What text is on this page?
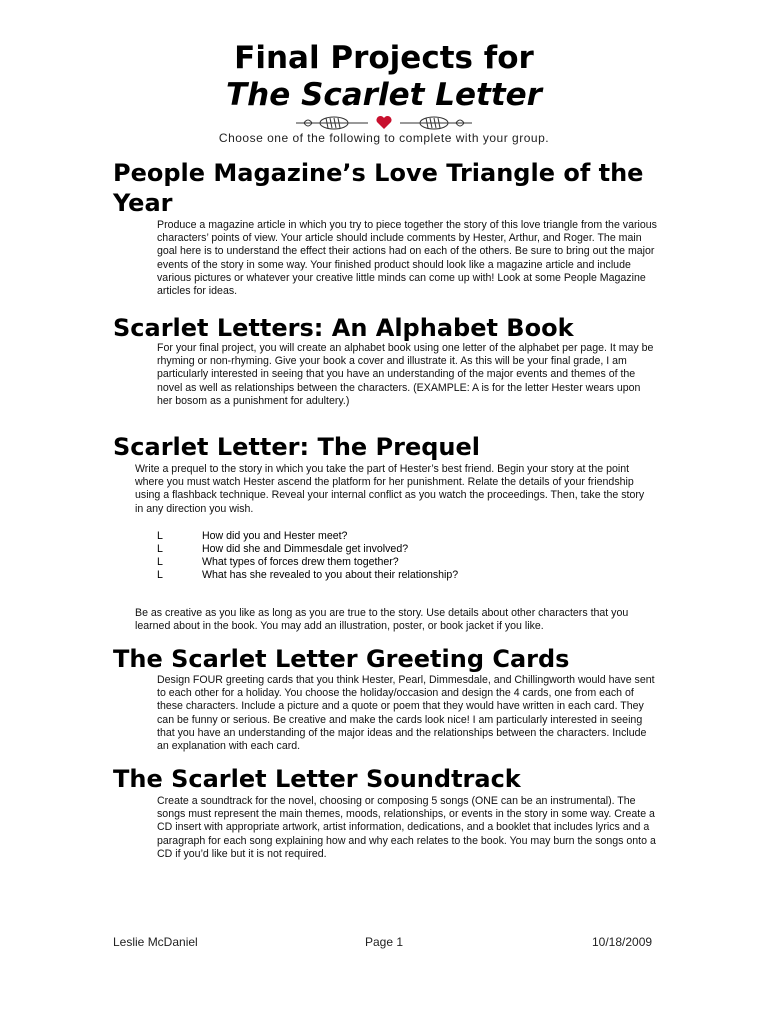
Final Projects for
The Scarlet Letter
Choose one of the following to complete with your group.
People Magazine’s Love Triangle of the Year

Produce a magazine article in which you try to piece together the story of this love triangle from the various characters’ points of view. Your article should include comments by Hester, Arthur, and Roger. The main goal here is to understand the effect their actions had on each of the others. Be sure to bring out the major events of the story in some way. Your finished product should look like a magazine article and include various pictures or whatever your creative little minds can come up with! Look at some People Magazine articles for ideas.

Scarlet Letters: An Alphabet Book

For your final project, you will create an alphabet book using one letter of the alphabet per page. It may be rhyming or non-rhyming. Give your book a cover and illustrate it. As this will be your final grade, I am particularly interested in seeing that you have an understanding of the major events and themes of the novel as well as relationships between the characters. (EXAMPLE: A is for the letter Hester wears upon her bosom as a punishment for adultery.)

Scarlet Letter: The Prequel

Write a prequel to the story in which you take the part of Hester’s best friend. Begin your story at the point where you must watch Hester ascend the platform for her punishment. Relate the details of your friendship using a flashback technique. Reveal your internal conflict as you watch the proceedings. Then, take the story in any direction you wish.

L	How did you and Hester meet?
L	How did she and Dimmesdale get involved?
L	What types of forces drew them together?
L	What has she revealed to you about their relationship?

Be as creative as you like as long as you are true to the story. Use details about other characters that you learned about in the book. You may add an illustration, poster, or book jacket if you like.

The Scarlet Letter Greeting Cards

Design FOUR greeting cards that you think Hester, Pearl, Dimmesdale, and Chillingworth would have sent to each other for a holiday. You choose the holiday/occasion and design the 4 cards, one from each of these characters. Include a picture and a quote or poem that they would have written in each card. They can be funny or serious. Be creative and make the cards look nice! I am particularly interested in seeing that you have an understanding of the major ideas and the relationships between the characters. Include an explanation with each card.

The Scarlet Letter Soundtrack

Create a soundtrack for the novel, choosing or composing 5 songs (ONE can be an instrumental). The songs must represent the main themes, moods, relationships, or events in the story in some way. Create a CD insert with appropriate artwork, artist information, dedications, and a booklet that includes lyrics and a paragraph for each song explaining how and why each relates to the book. You may burn the songs onto a CD if you’d like but it is not required.

Leslie McDaniel	Page 1	10/18/2009
